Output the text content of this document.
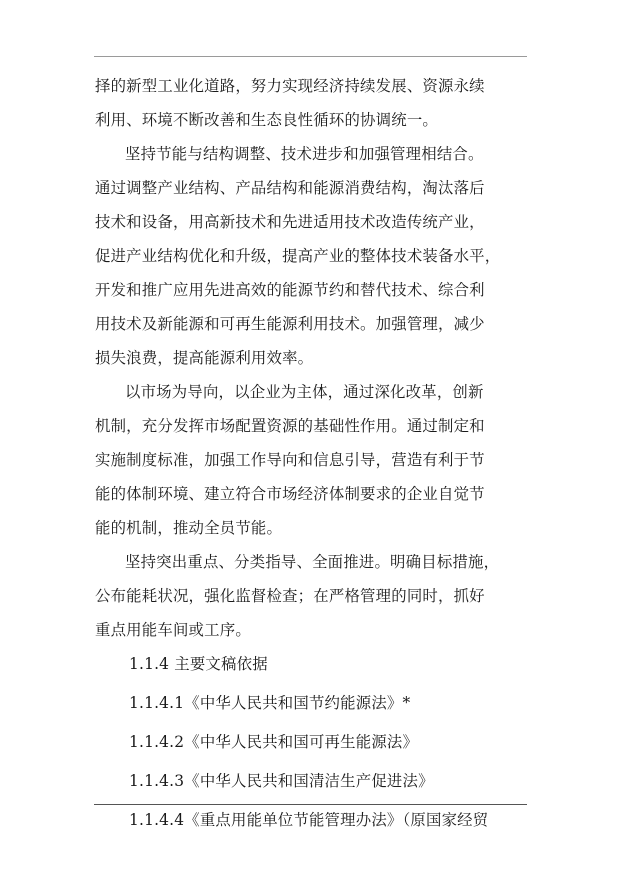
择的新型工业化道路，努力实现经济持续发展、资源永续
利用、环境不断改善和生态良性循环的协调统一。
坚持节能与结构调整、技术进步和加强管理相结合。
通过调整产业结构、产品结构和能源消费结构，淘汰落后
技术和设备，用高新技术和先进适用技术改造传统产业，
促进产业结构优化和升级，提高产业的整体技术装备水平，
开发和推广应用先进高效的能源节约和替代技术、综合利
用技术及新能源和可再生能源利用技术。加强管理，减少
损失浪费，提高能源利用效率。
以市场为导向，以企业为主体，通过深化改革，创新
机制，充分发挥市场配置资源的基础性作用。通过制定和
实施制度标准，加强工作导向和信息引导，营造有利于节
能的体制环境、建立符合市场经济体制要求的企业自觉节
能的机制，推动全员节能。
坚持突出重点、分类指导、全面推进。明确目标措施，
公布能耗状况，强化监督检查；在严格管理的同时，抓好
重点用能车间或工序。
1.1.4 主要文稿依据
1.1.4.1《中华人民共和国节约能源法》*
1.1.4.2《中华人民共和国可再生能源法》
1.1.4.3《中华人民共和国清洁生产促进法》
1.1.4.4《重点用能单位节能管理办法》（原国家经贸
